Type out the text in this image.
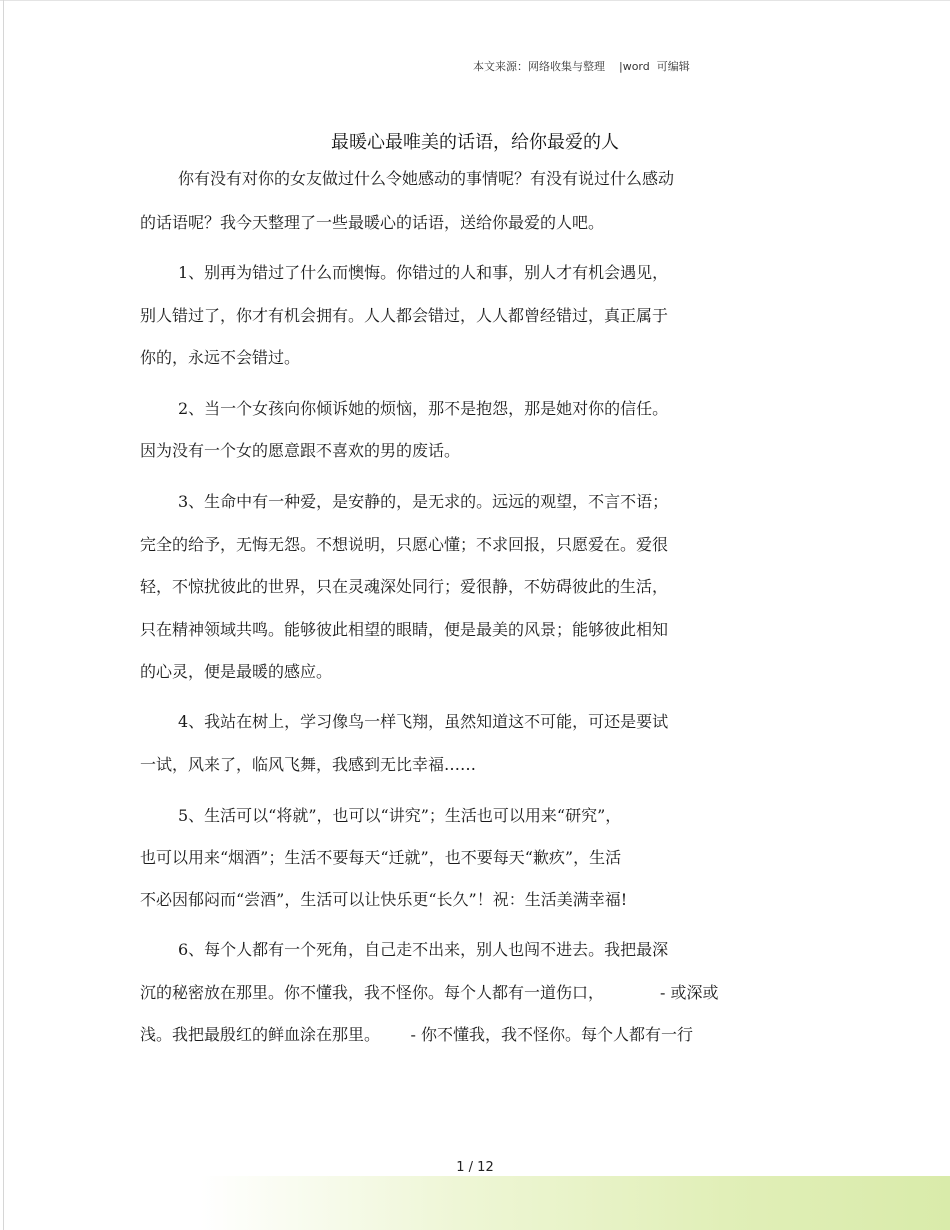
本文来源：网络收集与整理    |word  可编辑
最暖心最唯美的话语，给你最爱的人
你有没有对你的女友做过什么令她感动的事情呢？有没有说过什么感动
的话语呢？我今天整理了一些最暖心的话语，送给你最爱的人吧。
1、别再为错过了什么而懊悔。你错过的人和事，别人才有机会遇见，
别人错过了，你才有机会拥有。人人都会错过，人人都曾经错过，真正属于
你的，永远不会错过。
2、当一个女孩向你倾诉她的烦恼，那不是抱怨，那是她对你的信任。
因为没有一个女的愿意跟不喜欢的男的废话。
3、生命中有一种爱，是安静的，是无求的。远远的观望，不言不语；
完全的给予，无悔无怨。不想说明，只愿心懂；不求回报，只愿爱在。爱很
轻，不惊扰彼此的世界，只在灵魂深处同行；爱很静，不妨碍彼此的生活，
只在精神领域共鸣。能够彼此相望的眼睛，便是最美的风景；能够彼此相知
的心灵，便是最暖的感应。
4、我站在树上，学习像鸟一样飞翔，虽然知道这不可能，可还是要试
一试，风来了，临风飞舞，我感到无比幸福……
5、生活可以“将就”，也可以“讲究”；生活也可以用来“研究”，
也可以用来“烟酒”；生活不要每天“迁就”，也不要每天“歉疚”，生活
不必因郁闷而“尝酒”，生活可以让快乐更“长久”！祝：生活美满幸福!
6、每个人都有一个死角，自己走不出来，别人也闯不进去。我把最深
沉的秘密放在那里。你不懂我，我不怪你。每个人都有一道伤口，           - 或深或
浅。我把最殷红的鲜血涂在那里。      - 你不懂我，我不怪你。每个人都有一行
1 / 12
